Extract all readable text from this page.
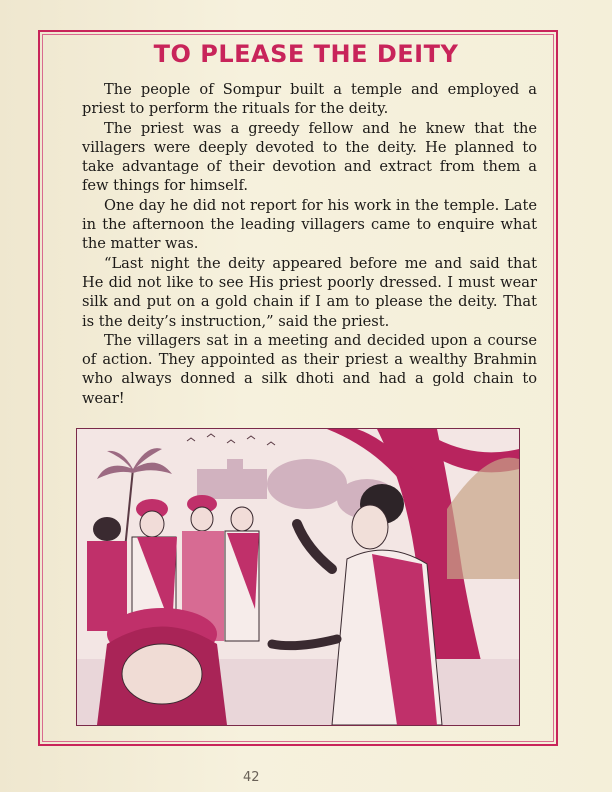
TO PLEASE THE DEITY

The people of Sompur built a temple and employed a priest to perform the rituals for the deity.

The priest was a greedy fellow and he knew that the villagers were deeply devoted to the deity. He planned to take advantage of their devotion and extract from them a few things for himself.

One day he did not report for his work in the temple. Late in the afternoon the leading villagers came to enquire what the matter was.

“Last night the deity appeared before me and said that He did not like to see His priest poorly dressed. I must wear silk and put on a gold chain if I am to please the deity. That is the deity’s instruction,” said the priest.

The villagers sat in a meeting and decided upon a course of action. They appointed as their priest a wealthy Brahmin who always donned a silk dhoti and had a gold chain to wear!

42
